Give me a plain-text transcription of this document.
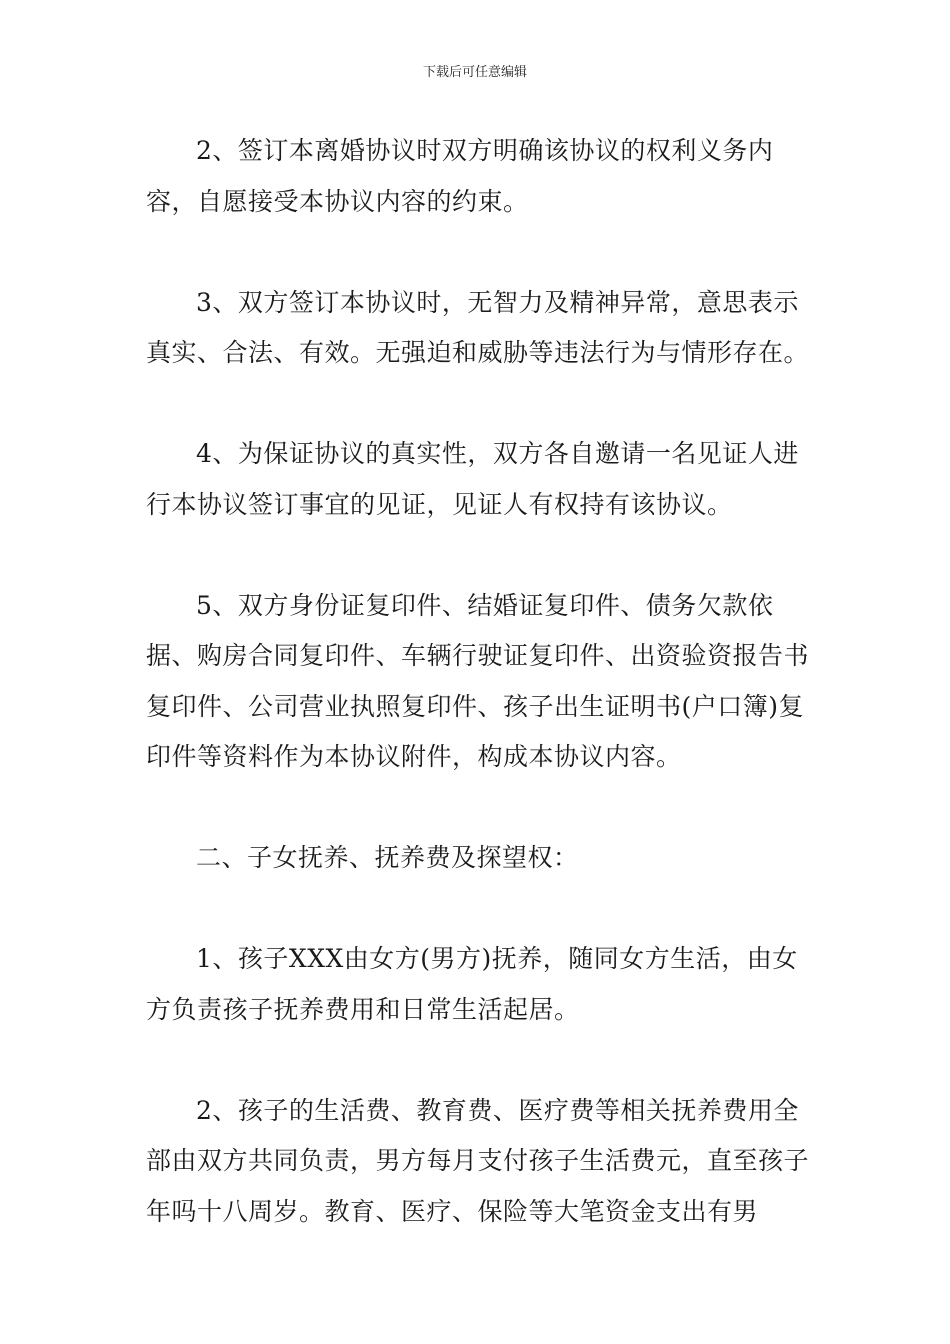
下载后可任意编辑

2、签订本离婚协议时双方明确该协议的权利义务内容，自愿接受本协议内容的约束。

3、双方签订本协议时，无智力及精神异常，意思表示真实、合法、有效。无强迫和威胁等违法行为与情形存在。

4、为保证协议的真实性，双方各自邀请一名见证人进行本协议签订事宜的见证，见证人有权持有该协议。

5、双方身份证复印件、结婚证复印件、债务欠款依据、购房合同复印件、车辆行驶证复印件、出资验资报告书复印件、公司营业执照复印件、孩子出生证明书(户口簿)复印件等资料作为本协议附件，构成本协议内容。

二、子女抚养、抚养费及探望权：

1、孩子XXX由女方(男方)抚养，随同女方生活，由女方负责孩子抚养费用和日常生活起居。

2、孩子的生活费、教育费、医疗费等相关抚养费用全部由双方共同负责，男方每月支付孩子生活费元，直至孩子年吗十八周岁。教育、医疗、保险等大笔资金支出有男
